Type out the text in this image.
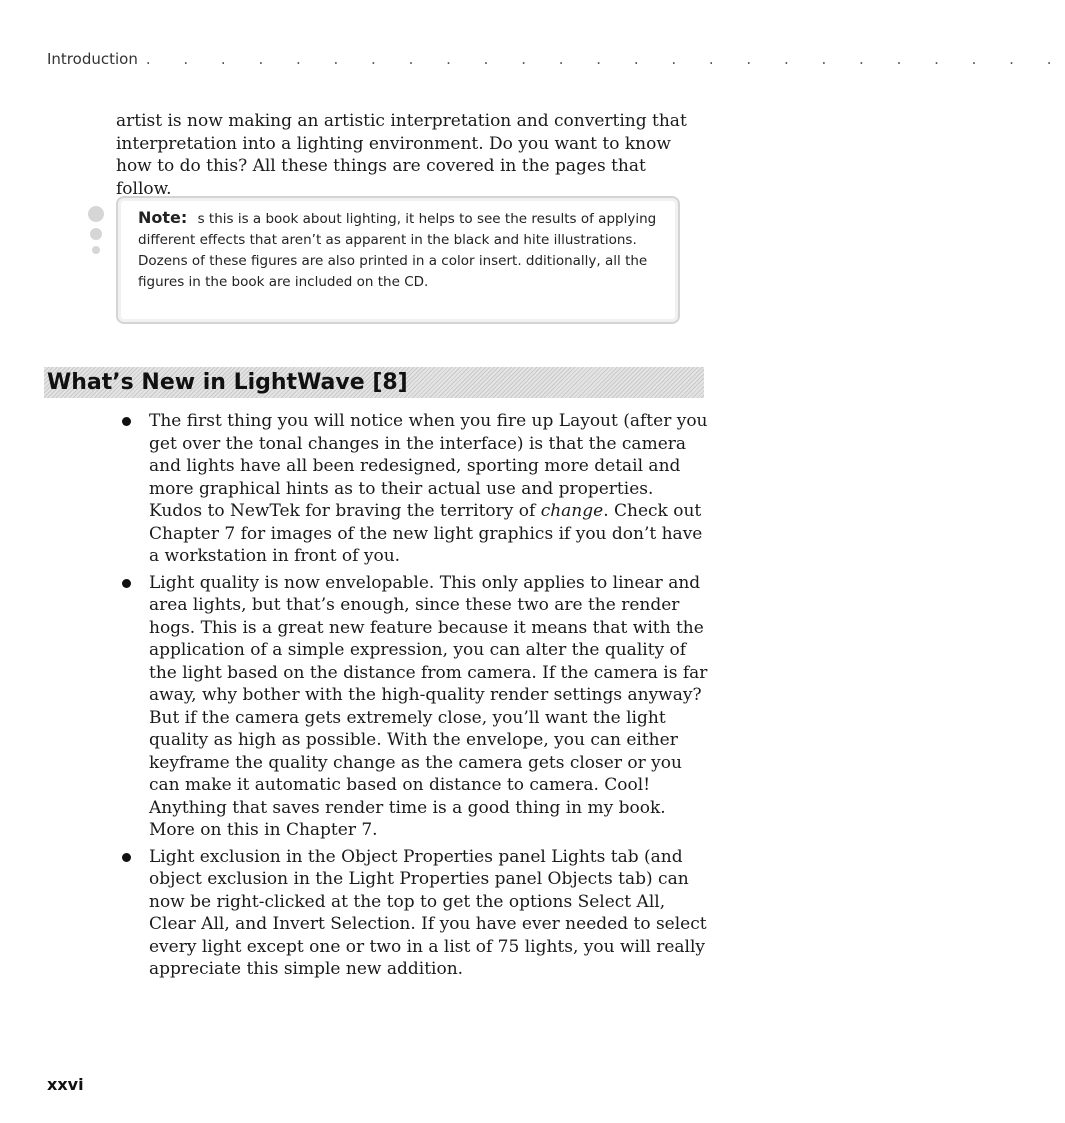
Introduction . . . . . . . . . . . . . . . . . . . . . . . . .

artist is now making an artistic interpretation and converting that interpretation into a lighting environment. Do you want to know how to do this? All these things are covered in the pages that follow.

Note: s this is a book about lighting, it helps to see the results of applying different effects that aren’t as apparent in the black and hite illustrations. Dozens of these figures are also printed in a color insert. dditionally, all the figures in the book are included on the CD.
What’s New in LightWave [8]
The first thing you will notice when you fire up Layout (after you get over the tonal changes in the interface) is that the camera and lights have all been redesigned, sporting more detail and more graphical hints as to their actual use and properties. Kudos to NewTek for braving the territory of change. Check out Chapter 7 for images of the new light graphics if you don’t have a workstation in front of you.
Light quality is now envelopable. This only applies to linear and area lights, but that’s enough, since these two are the render hogs. This is a great new feature because it means that with the application of a simple expression, you can alter the quality of the light based on the distance from camera. If the camera is far away, why bother with the high-quality render settings anyway? But if the camera gets extremely close, you’ll want the light quality as high as possible. With the envelope, you can either keyframe the quality change as the camera gets closer or you can make it automatic based on distance to camera. Cool! Anything that saves render time is a good thing in my book. More on this in Chapter 7.
Light exclusion in the Object Properties panel Lights tab (and object exclusion in the Light Properties panel Objects tab) can now be right-clicked at the top to get the options Select All, Clear All, and Invert Selection. If you have ever needed to select every light except one or two in a list of 75 lights, you will really appreciate this simple new addition.
xxvi
